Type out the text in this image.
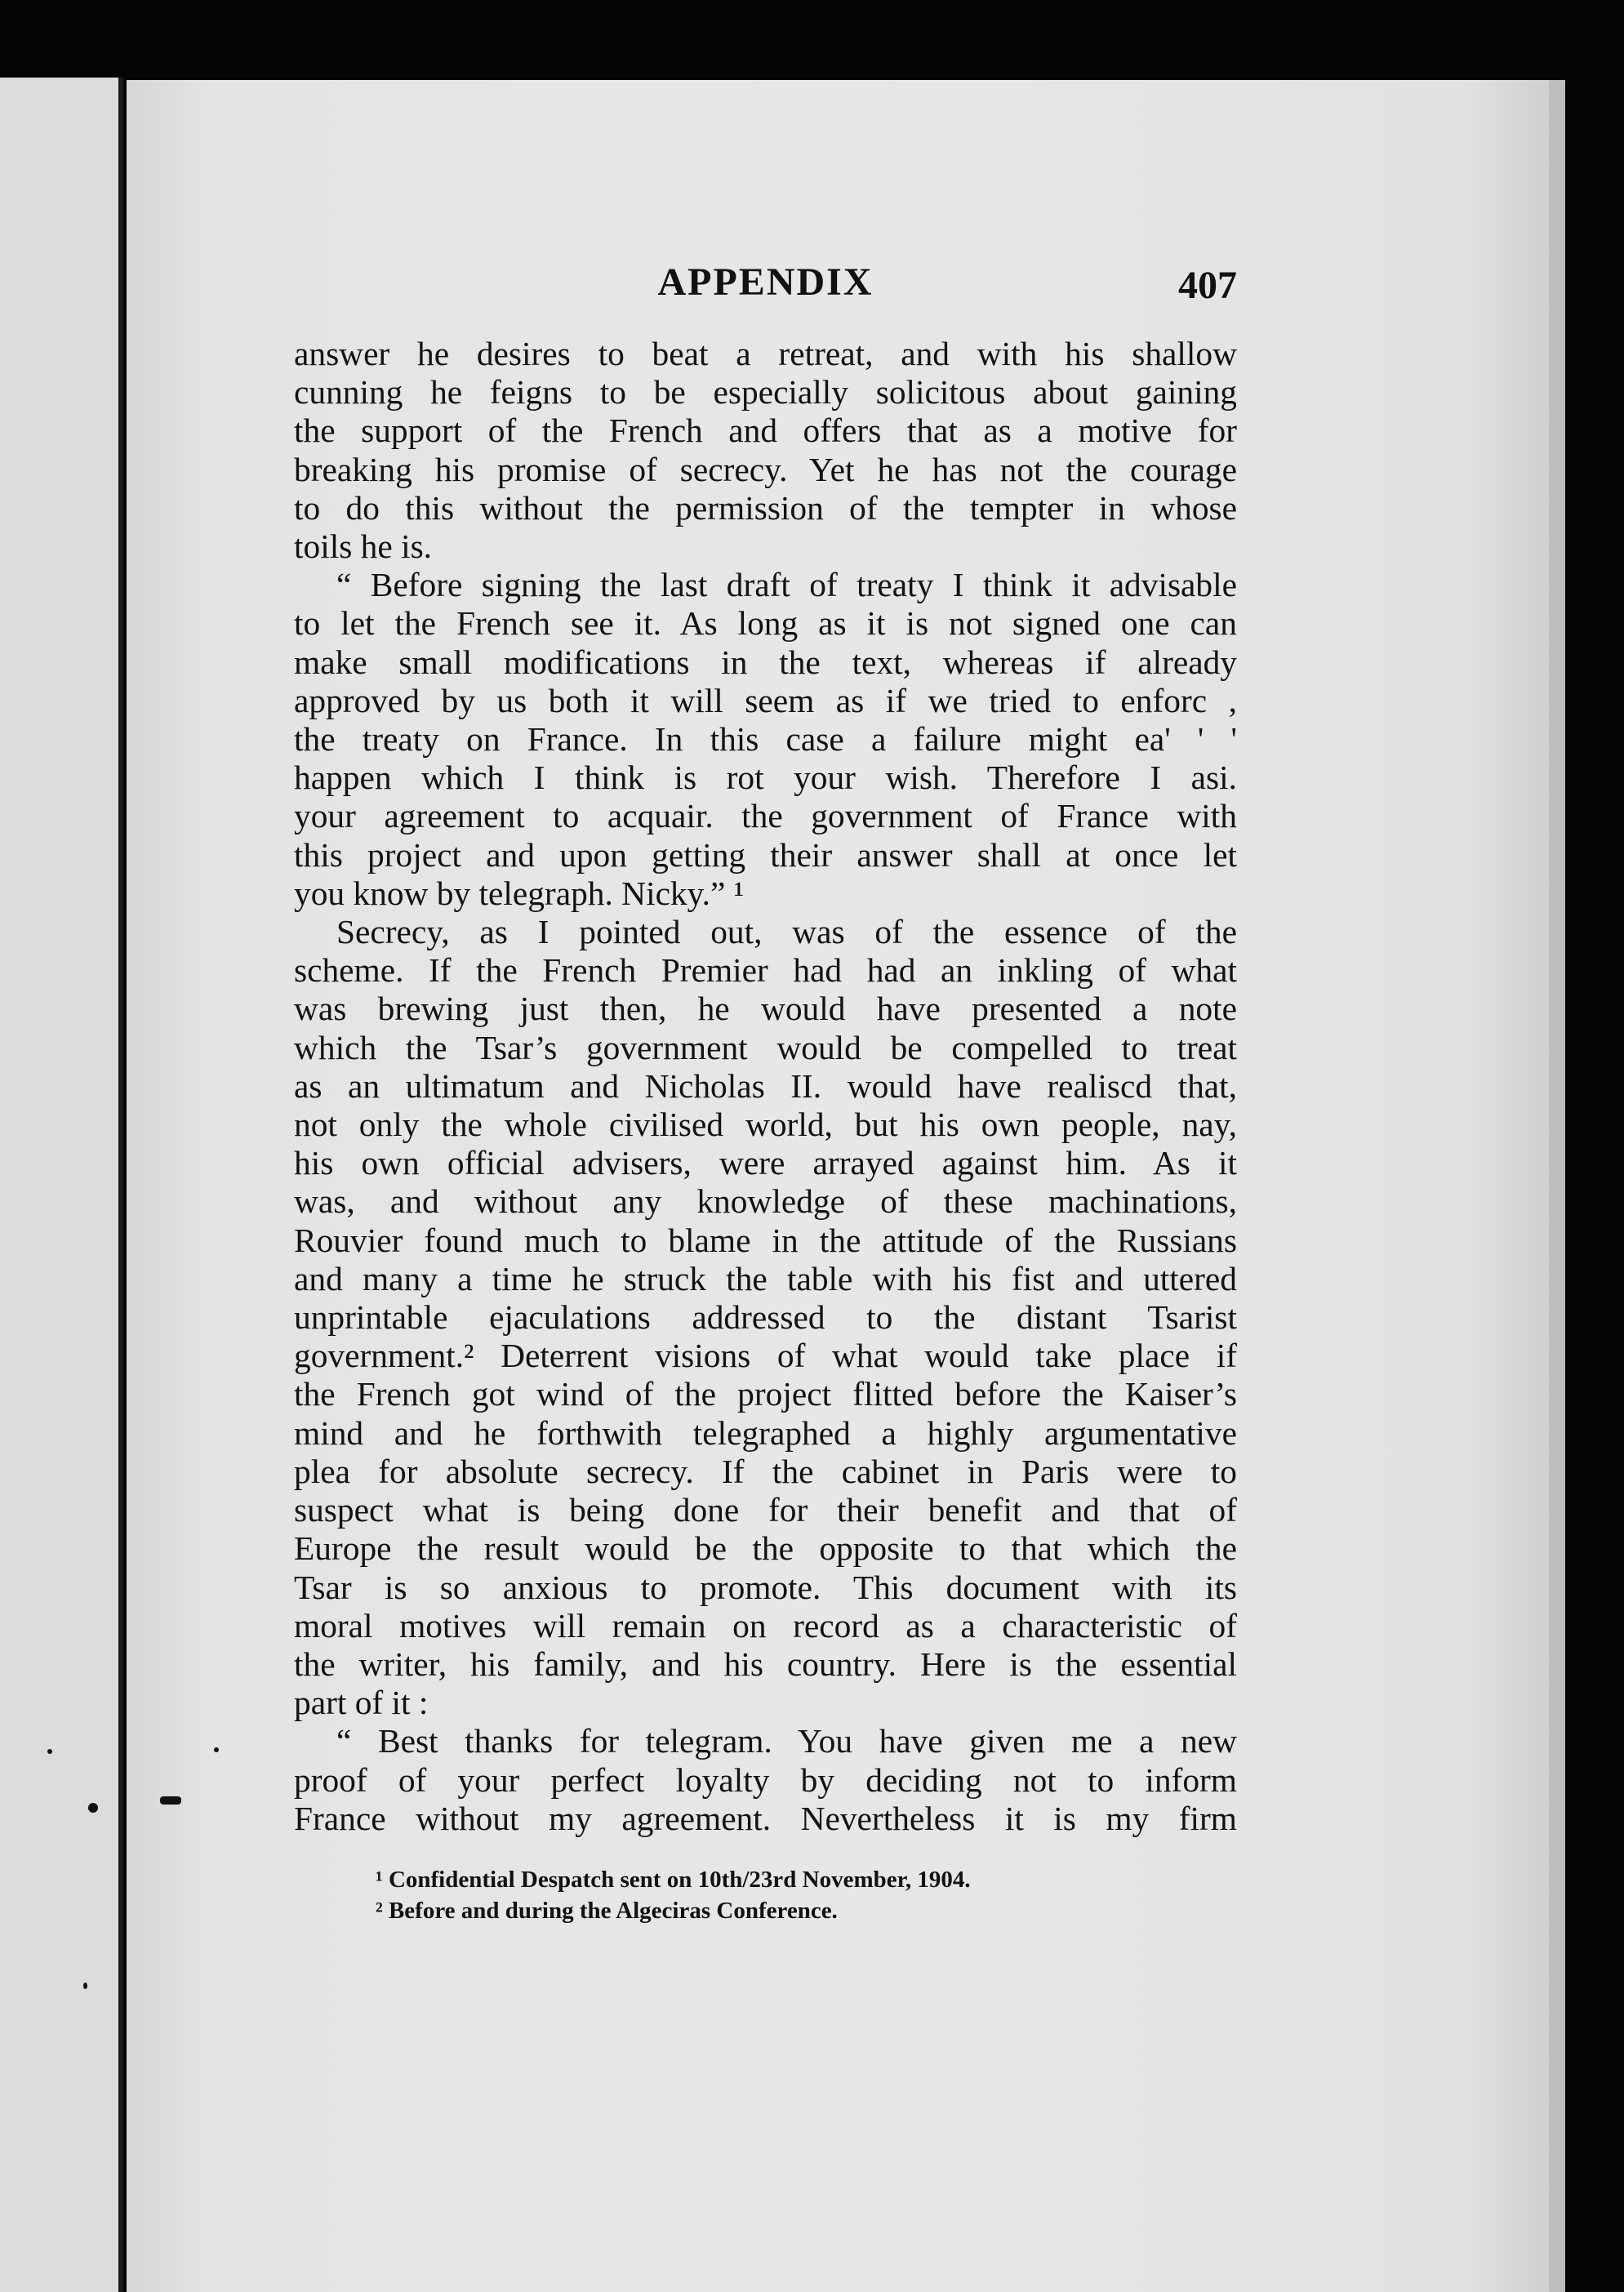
APPENDIX	407
answer he desires to beat a retreat, and with his shallow
cunning he feigns to be especially solicitous about gaining
the support of the French and offers that as a motive for
breaking his promise of secrecy. Yet he has not the courage
to do this without the permission of the tempter in whose
toils he is.
“ Before signing the last draft of treaty I think it advisable
to let the French see it. As long as it is not signed one can
make small modifications in the text, whereas if already
approved by us both it will seem as if we tried to enforc ,
the treaty on France. In this case a failure might ea' ' '
happen which I think is rot your wish. Therefore I asi.
your agreement to acquair. the government of France with
this project and upon getting their answer shall at once let
you know by telegraph. Nicky.” ¹
Secrecy, as I pointed out, was of the essence of the
scheme. If the French Premier had had an inkling of what
was brewing just then, he would have presented a note
which the Tsar’s government would be compelled to treat
as an ultimatum and Nicholas II. would have realiscd that,
not only the whole civilised world, but his own people, nay,
his own official advisers, were arrayed against him. As it
was, and without any knowledge of these machinations,
Rouvier found much to blame in the attitude of the Russians
and many a time he struck the table with his fist and uttered
unprintable ejaculations addressed to the distant Tsarist
government.² Deterrent visions of what would take place if
the French got wind of the project flitted before the Kaiser’s
mind and he forthwith telegraphed a highly argumentative
plea for absolute secrecy. If the cabinet in Paris were to
suspect what is being done for their benefit and that of
Europe the result would be the opposite to that which the
Tsar is so anxious to promote. This document with its
moral motives will remain on record as a characteristic of
the writer, his family, and his country. Here is the essential
part of it :
“ Best thanks for telegram. You have given me a new
proof of your perfect loyalty by deciding not to inform
France without my agreement. Nevertheless it is my firm
¹ Confidential Despatch sent on 10th/23rd November, 1904.
² Before and during the Algeciras Conference.
